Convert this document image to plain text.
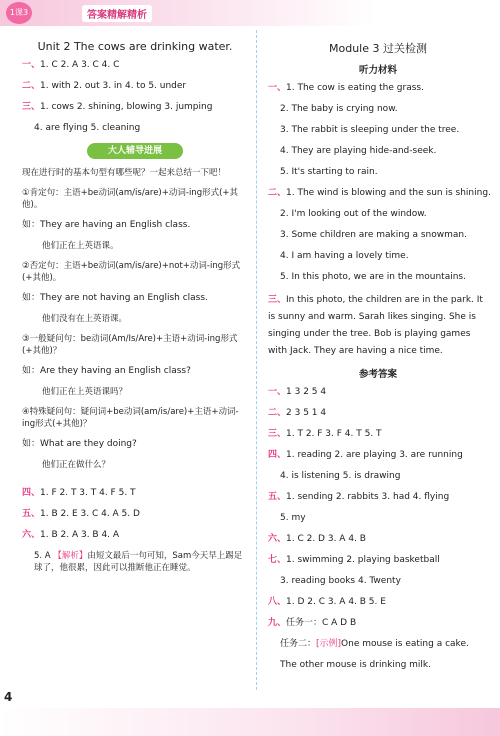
1课3练
答案精解精析
Unit 2 The cows are drinking water.
一、1. C 2. A 3. C 4. C
二、1. with 2. out 3. in 4. to 5. under
三、1. cows 2. shining, blowing 3. jumping
4. are flying 5. cleaning
大人辅导进展
现在进行时的基本句型有哪些呢？一起来总结一下吧！
①肯定句：主语+be动词(am/is/are)+动词-ing形式(+其他)。
如：They are having an English class.
他们正在上英语课。
②否定句：主语+be动词(am/is/are)+not+动词-ing形式(+其他)。
如：They are not having an English class.
他们没有在上英语课。
③一般疑问句：be动词(Am/Is/Are)+主语+动词-ing形式(+其他)？
如：Are they having an English class?
他们正在上英语课吗？
④特殊疑问句：疑问词+be动词(am/is/are)+主语+动词-ing形式(+其他)？
如：What are they doing?
他们正在做什么？
四、1. F 2. T 3. T 4. F 5. T
五、1. B 2. E 3. C 4. A 5. D
六、1. B 2. A 3. B 4. A
5. A 【解析】由短文最后一句可知，Sam今天早上踢足球了，他很累，因此可以推断他正在睡觉。
Module 3 过关检测
听力材料
一、1. The cow is eating the grass.
2. The baby is crying now.
3. The rabbit is sleeping under the tree.
4. They are playing hide-and-seek.
5. It's starting to rain.
二、1. The wind is blowing and the sun is shining.
2. I'm looking out of the window.
3. Some children are making a snowman.
4. I am having a lovely time.
5. In this photo, we are in the mountains.
三、In this photo, the children are in the park. It is sunny and warm. Sarah likes singing. She is singing under the tree. Bob is playing games with Jack. They are having a nice time.
参考答案
一、1 3 2 5 4
二、2 3 5 1 4
三、1. T 2. F 3. F 4. T 5. T
四、1. reading 2. are playing 3. are running
4. is listening 5. is drawing
五、1. sending 2. rabbits 3. had 4. flying
5. my
六、1. C 2. D 3. A 4. B
七、1. swimming 2. playing basketball
3. reading books 4. Twenty
八、1. D 2. C 3. A 4. B 5. E
九、任务一：C A D B
任务二：[示例]One mouse is eating a cake.
The other mouse is drinking milk.
4
